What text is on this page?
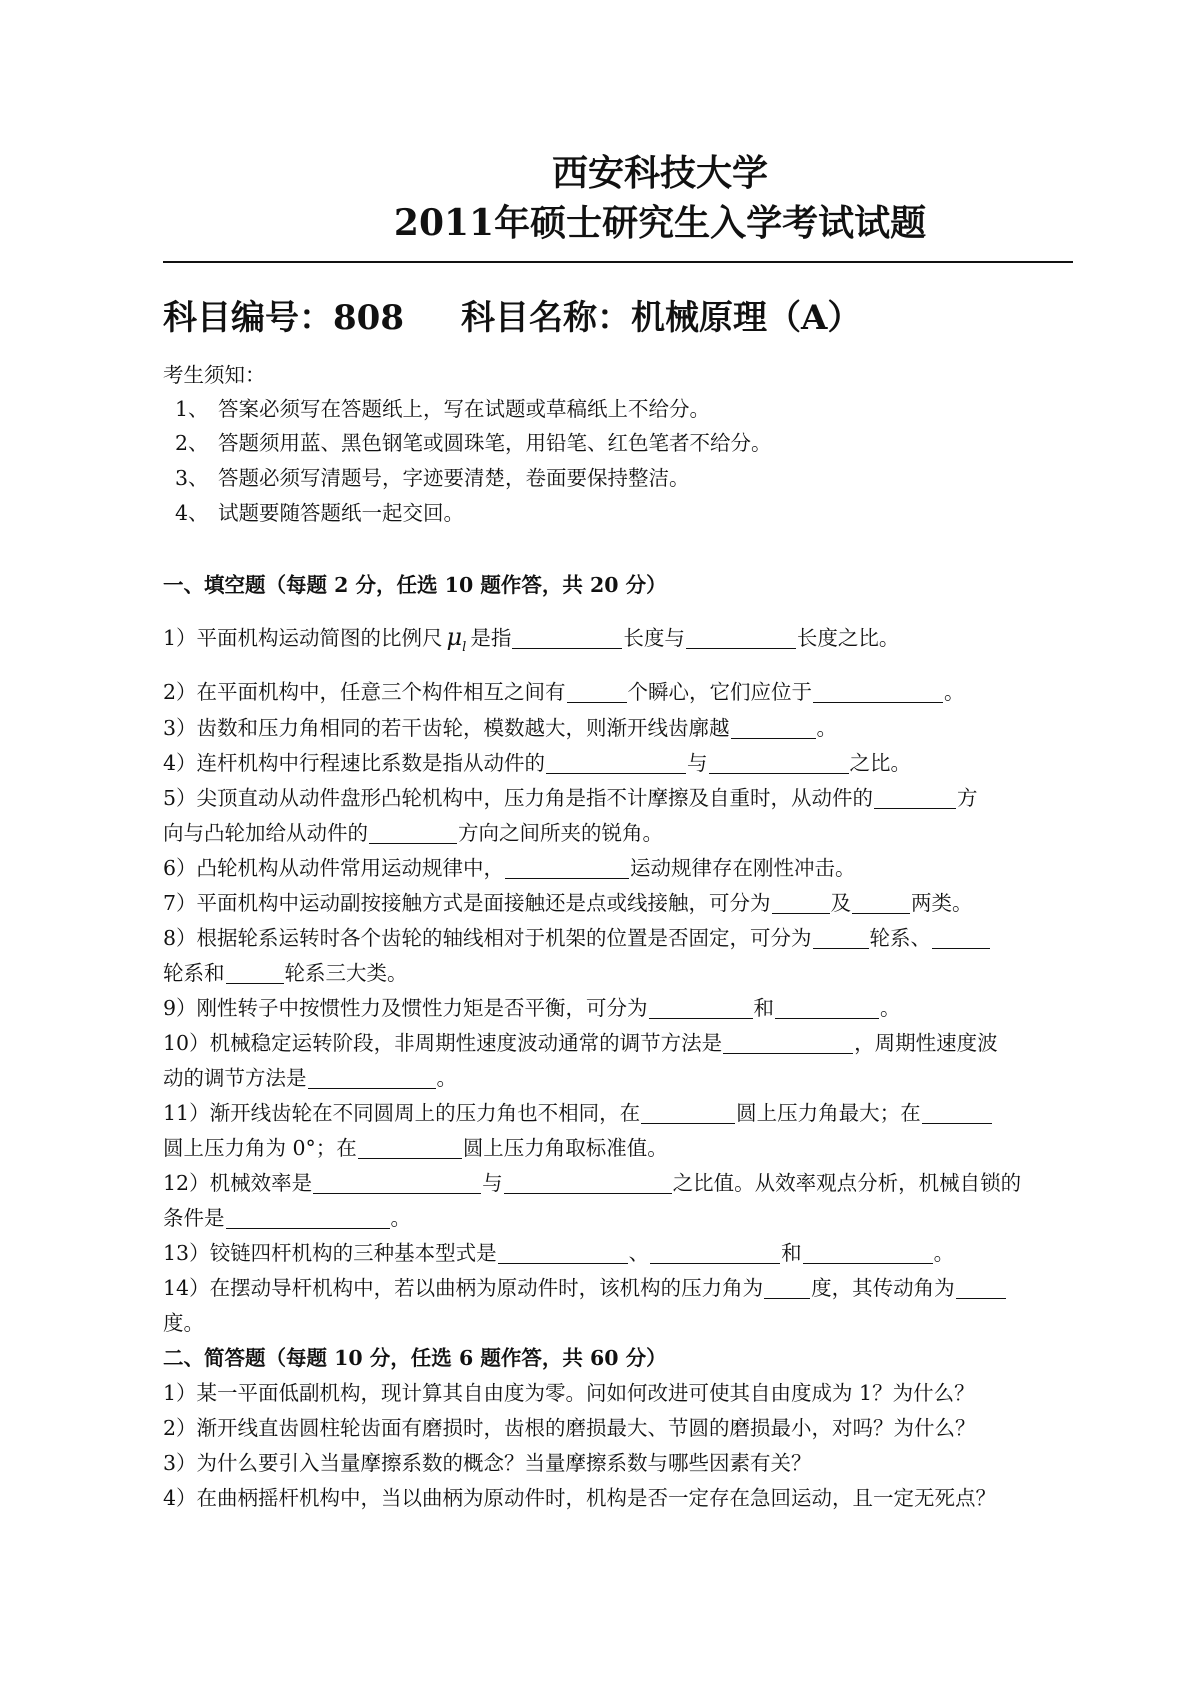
西安科技大学
2011年硕士研究生入学考试试题
科目编号：808 科目名称：机械原理（A）
考生须知：
1、 答案必须写在答题纸上，写在试题或草稿纸上不给分。
2、 答题须用蓝、黑色钢笔或圆珠笔，用铅笔、红色笔者不给分。
3、 答题必须写清题号，字迹要清楚，卷面要保持整洁。
4、 试题要随答题纸一起交回。
一、填空题（每题 2 分，任选 10 题作答，共 20 分）
1）平面机构运动简图的比例尺 $\mu_l$ 是指	长度与	长度之比。
2）在平面机构中，任意三个构件相互之间有	个瞬心，它们应位于	。
3）齿数和压力角相同的若干齿轮，模数越大，则渐开线齿廓越	。
4）连杆机构中行程速比系数是指从动件的	与	之比。
5）尖顶直动从动件盘形凸轮机构中，压力角是指不计摩擦及自重时，从动件的	方
向与凸轮加给从动件的	方向之间所夹的锐角。
6）凸轮机构从动件常用运动规律中，	运动规律存在刚性冲击。
7）平面机构中运动副按接触方式是面接触还是点或线接触，可分为	及	两类。
8）根据轮系运转时各个齿轮的轴线相对于机架的位置是否固定，可分为	轮系、
轮系和	轮系三大类。
9）刚性转子中按惯性力及惯性力矩是否平衡，可分为	和	。
10）机械稳定运转阶段，非周期性速度波动通常的调节方法是	，周期性速度波
动的调节方法是	。
11）渐开线齿轮在不同圆周上的压力角也不相同，在	圆上压力角最大；在
圆上压力角为 0°；在	圆上压力角取标准值。
12）机械效率是	与	之比值。从效率观点分析，机械自锁的
条件是	。
13）铰链四杆机构的三种基本型式是	、	和	。
14）在摆动导杆机构中，若以曲柄为原动件时，该机构的压力角为 度，其传动角为
度。
二、简答题（每题 10 分，任选 6 题作答，共 60 分）
1）某一平面低副机构，现计算其自由度为零。问如何改进可使其自由度成为 1？为什么？
2）渐开线直齿圆柱轮齿面有磨损时，齿根的磨损最大、节圆的磨损最小，对吗？为什么？
3）为什么要引入当量摩擦系数的概念？当量摩擦系数与哪些因素有关？
4）在曲柄摇杆机构中，当以曲柄为原动件时，机构是否一定存在急回运动，且一定无死点？
